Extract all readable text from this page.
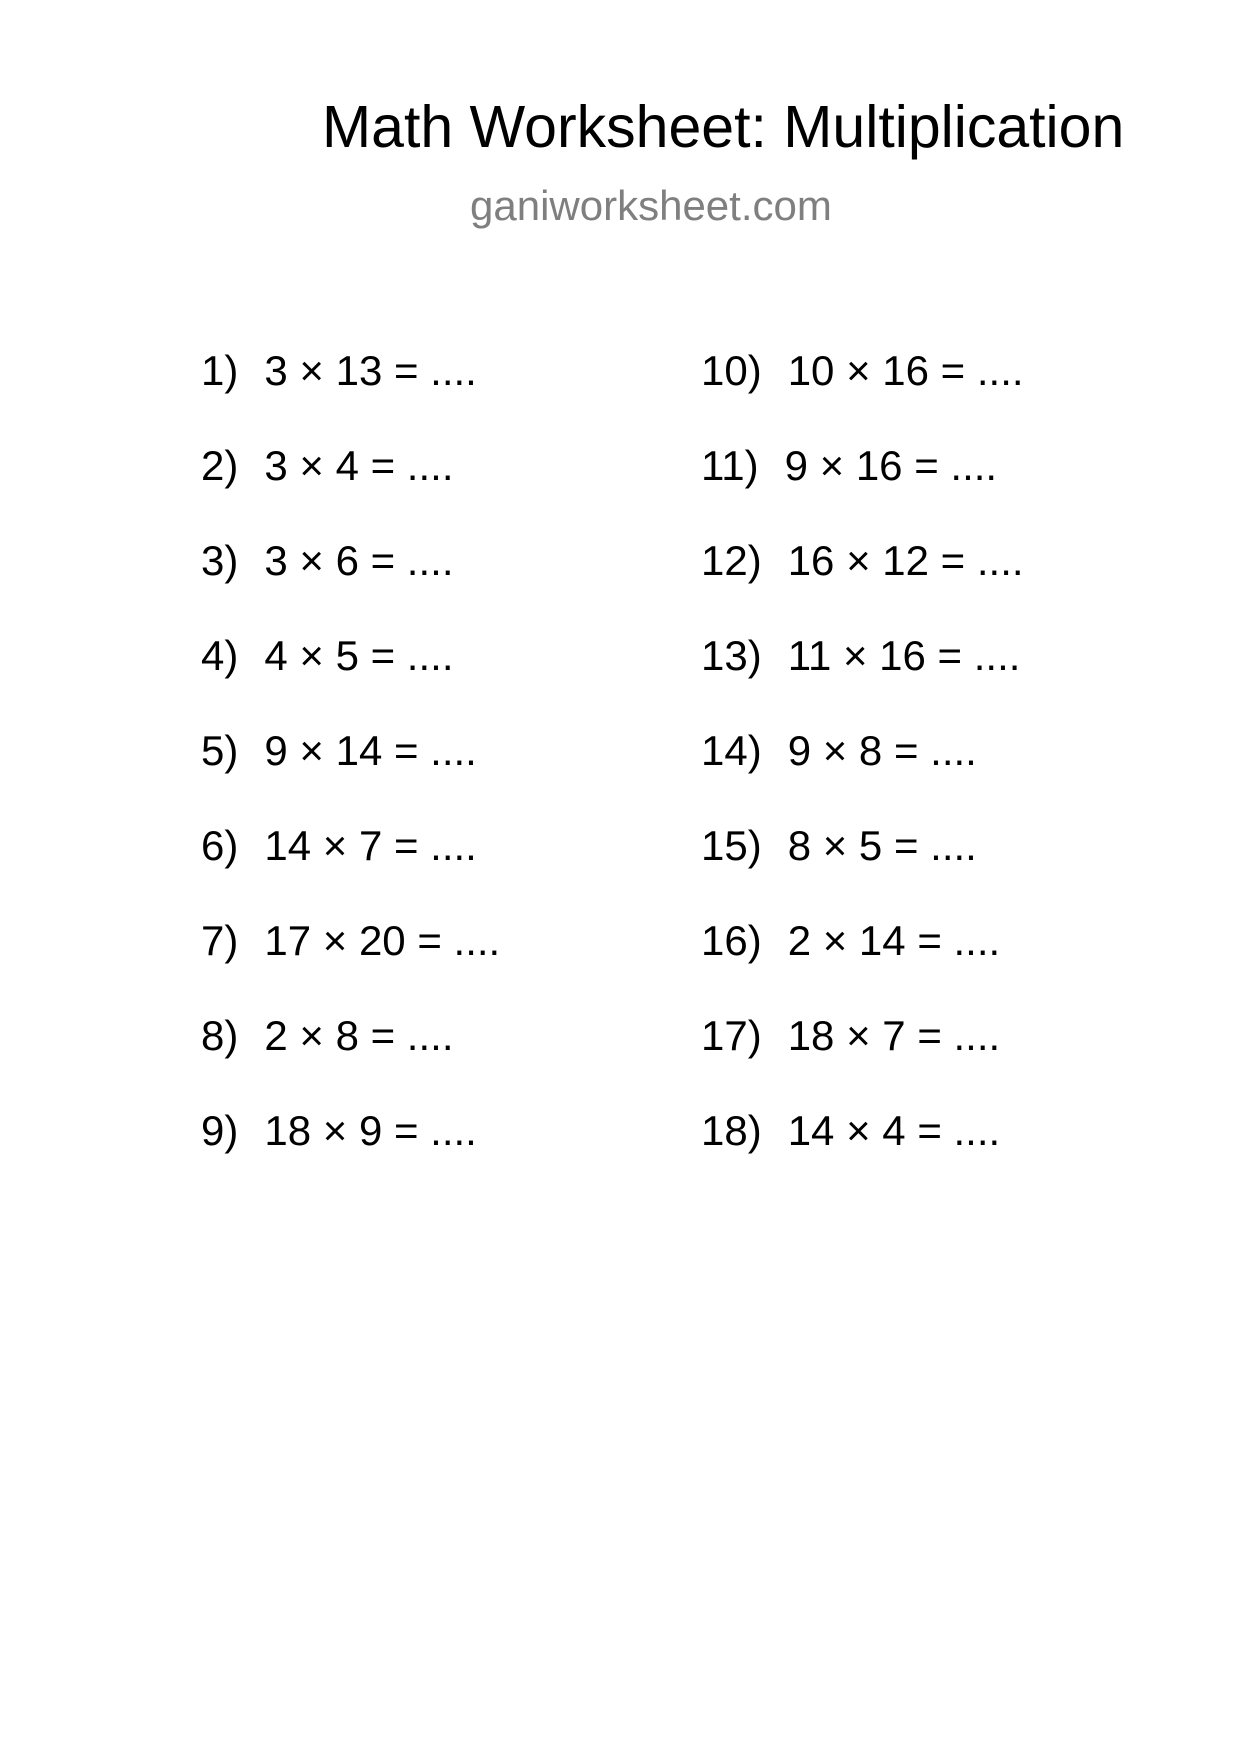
Math Worksheet: Multiplication
ganiworksheet.com
1) 3 × 13 = ....
2) 3 × 4 = ....
3) 3 × 6 = ....
4) 4 × 5 = ....
5) 9 × 14 = ....
6) 14 × 7 = ....
7) 17 × 20 = ....
8) 2 × 8 = ....
9) 18 × 9 = ....
10) 10 × 16 = ....
11) 9 × 16 = ....
12) 16 × 12 = ....
13) 11 × 16 = ....
14) 9 × 8 = ....
15) 8 × 5 = ....
16) 2 × 14 = ....
17) 18 × 7 = ....
18) 14 × 4 = ....
